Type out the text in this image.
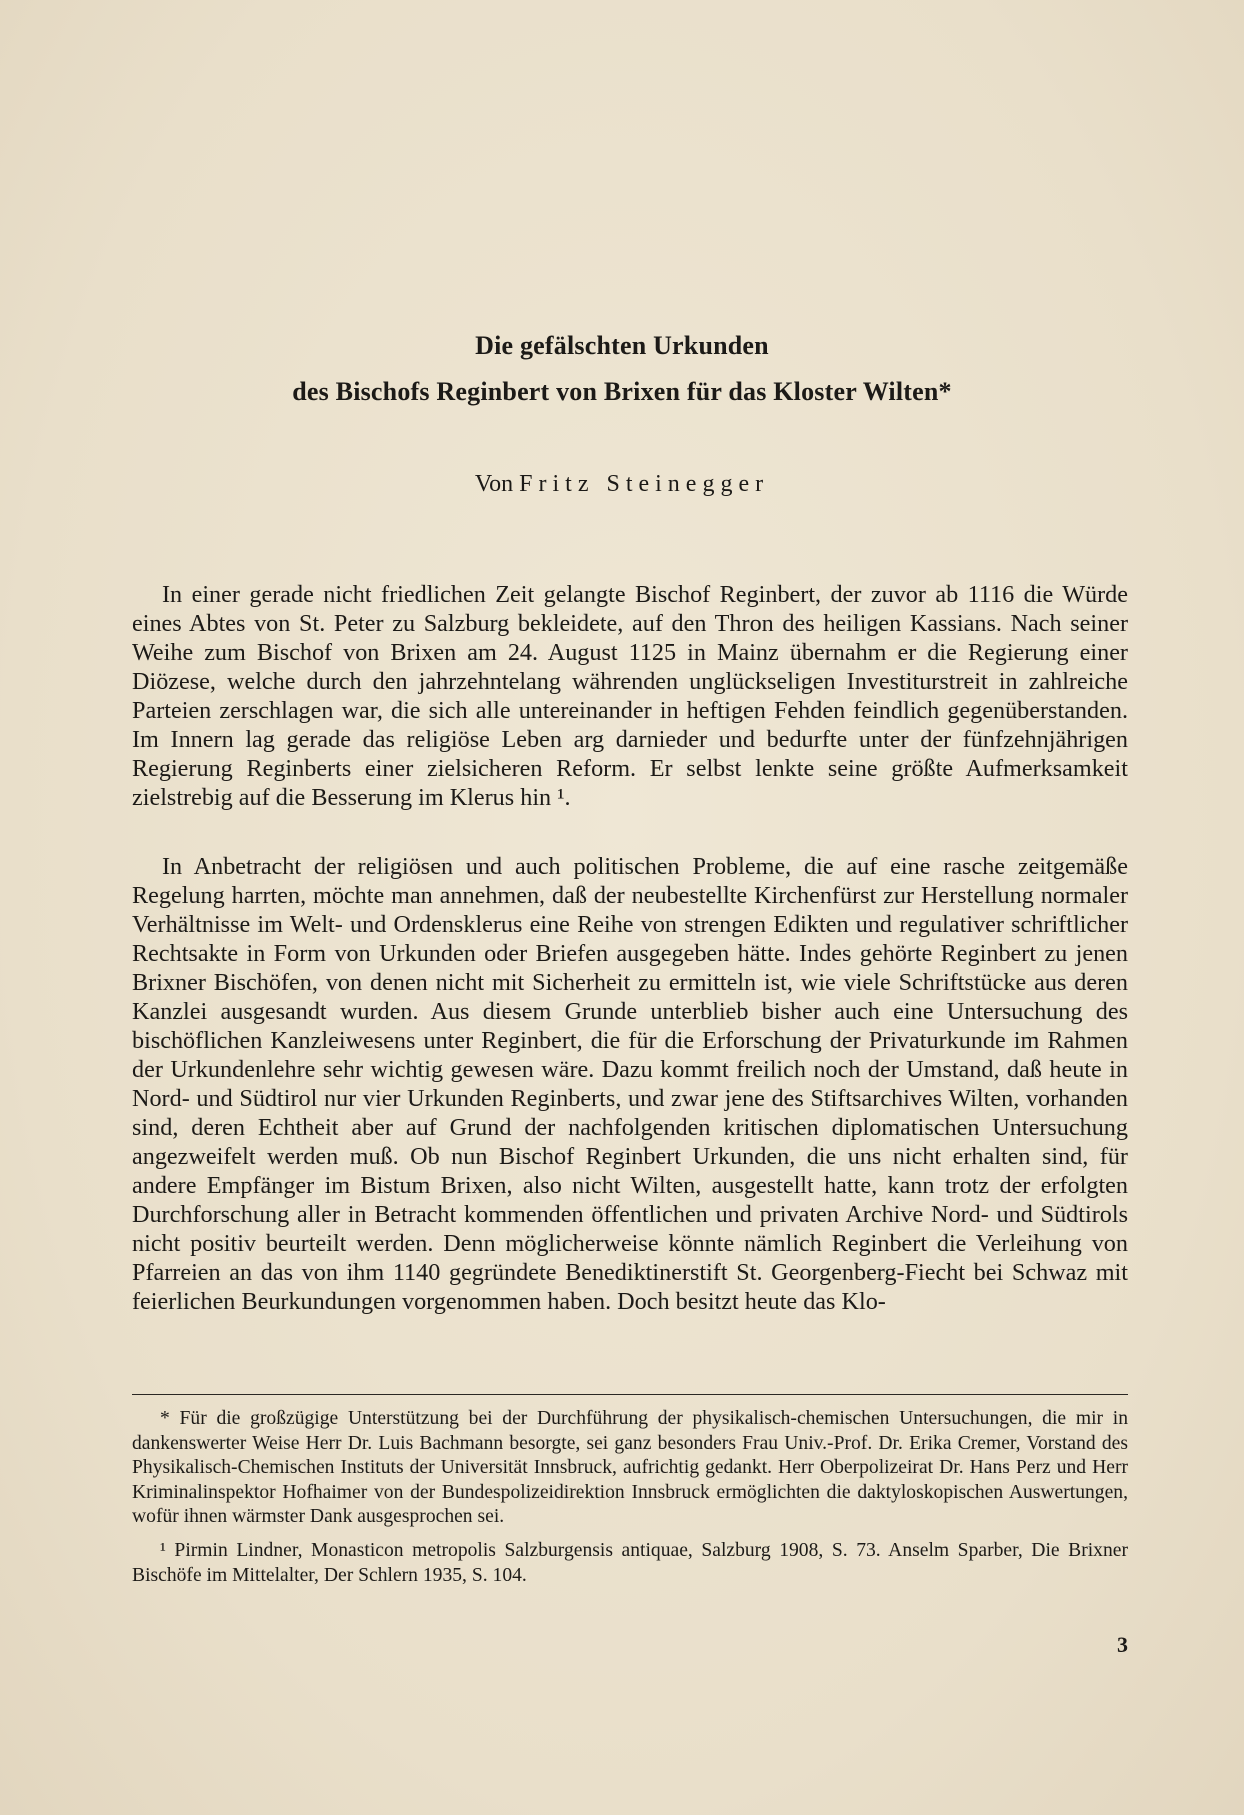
Die gefälschten Urkunden
des Bischofs Reginbert von Brixen für das Kloster Wilten*
Von Fritz Steinegger

In einer gerade nicht friedlichen Zeit gelangte Bischof Reginbert, der zuvor ab 1116 die Würde eines Abtes von St. Peter zu Salzburg bekleidete, auf den Thron des heiligen Kassians. Nach seiner Weihe zum Bischof von Brixen am 24. August 1125 in Mainz übernahm er die Regierung einer Diözese, welche durch den jahrzehntelang währenden unglückseligen Investiturstreit in zahlreiche Parteien zerschlagen war, die sich alle untereinander in heftigen Fehden feindlich gegenüberstanden. Im Innern lag gerade das religiöse Leben arg darnieder und bedurfte unter der fünfzehnjährigen Regierung Reginberts einer zielsicheren Reform. Er selbst lenkte seine größte Aufmerksamkeit zielstrebig auf die Besserung im Klerus hin ¹.

In Anbetracht der religiösen und auch politischen Probleme, die auf eine rasche zeitgemäße Regelung harrten, möchte man annehmen, daß der neubestellte Kirchenfürst zur Herstellung normaler Verhältnisse im Welt- und Ordensklerus eine Reihe von strengen Edikten und regulativer schriftlicher Rechtsakte in Form von Urkunden oder Briefen ausgegeben hätte. Indes gehörte Reginbert zu jenen Brixner Bischöfen, von denen nicht mit Sicherheit zu ermitteln ist, wie viele Schriftstücke aus deren Kanzlei ausgesandt wurden. Aus diesem Grunde unterblieb bisher auch eine Untersuchung des bischöflichen Kanzleiwesens unter Reginbert, die für die Erforschung der Privaturkunde im Rahmen der Urkundenlehre sehr wichtig gewesen wäre. Dazu kommt freilich noch der Umstand, daß heute in Nord- und Südtirol nur vier Urkunden Reginberts, und zwar jene des Stiftsarchives Wilten, vorhanden sind, deren Echtheit aber auf Grund der nachfolgenden kritischen diplomatischen Untersuchung angezweifelt werden muß. Ob nun Bischof Reginbert Urkunden, die uns nicht erhalten sind, für andere Empfänger im Bistum Brixen, also nicht Wilten, ausgestellt hatte, kann trotz der erfolgten Durchforschung aller in Betracht kommenden öffentlichen und privaten Archive Nord- und Südtirols nicht positiv beurteilt werden. Denn möglicherweise könnte nämlich Reginbert die Verleihung von Pfarreien an das von ihm 1140 gegründete Benediktinerstift St. Georgenberg-Fiecht bei Schwaz mit feierlichen Beurkundungen vorgenommen haben. Doch besitzt heute das Klo-

* Für die großzügige Unterstützung bei der Durchführung der physikalisch-chemischen Untersuchungen, die mir in dankenswerter Weise Herr Dr. Luis Bachmann besorgte, sei ganz besonders Frau Univ.-Prof. Dr. Erika Cremer, Vorstand des Physikalisch-Chemischen Instituts der Universität Innsbruck, aufrichtig gedankt. Herr Oberpolizeirat Dr. Hans Perz und Herr Kriminalinspektor Hofhaimer von der Bundespolizeidirektion Innsbruck ermöglichten die daktyloskopischen Auswertungen, wofür ihnen wärmster Dank ausgesprochen sei.

¹ Pirmin Lindner, Monasticon metropolis Salzburgensis antiquae, Salzburg 1908, S. 73. Anselm Sparber, Die Brixner Bischöfe im Mittelalter, Der Schlern 1935, S. 104.

3
